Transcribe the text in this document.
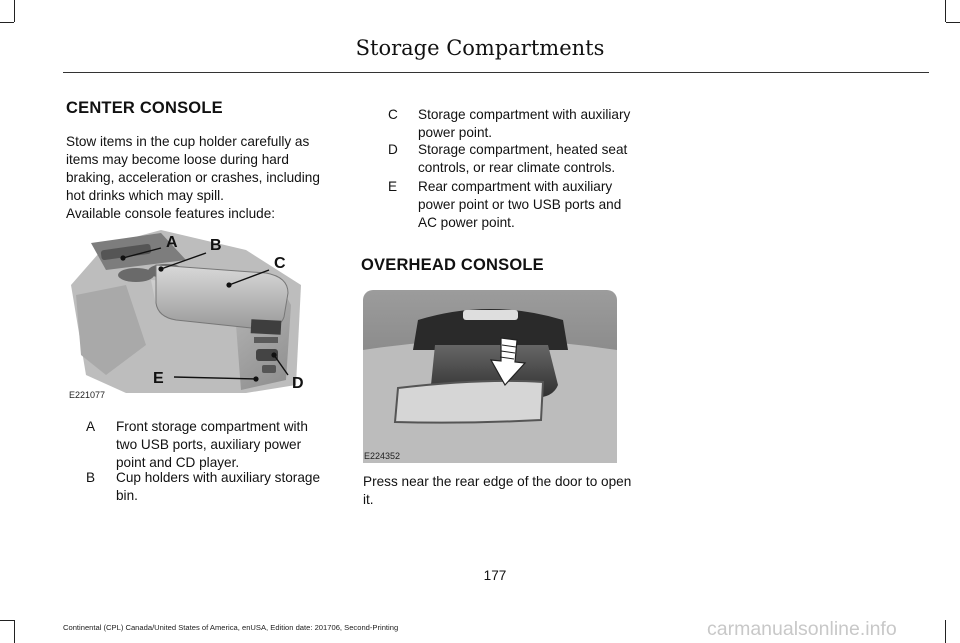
Storage Compartments
CENTER CONSOLE

Stow items in the cup holder carefully as

items may become loose during hard

braking, acceleration or crashes, including

hot drinks which may spill.

Available console features include:

A B
C
D
E
E221077
A Front storage compartment with

two USB ports, auxiliary power

point and CD player.

B Cup holders with auxiliary storage

bin.

C Storage compartment with auxiliary

power point.

D Storage compartment, heated seat

controls, or rear climate controls.

E Rear compartment with auxiliary

power point or two USB ports and

AC power point.

OVERHEAD CONSOLE
E224352

Press near the rear edge of the door to open

it.

177
Continental (CPL) Canada/United States of America, enUSA, Edition date: 201706, Second-Printing	carmanualsonline.info
